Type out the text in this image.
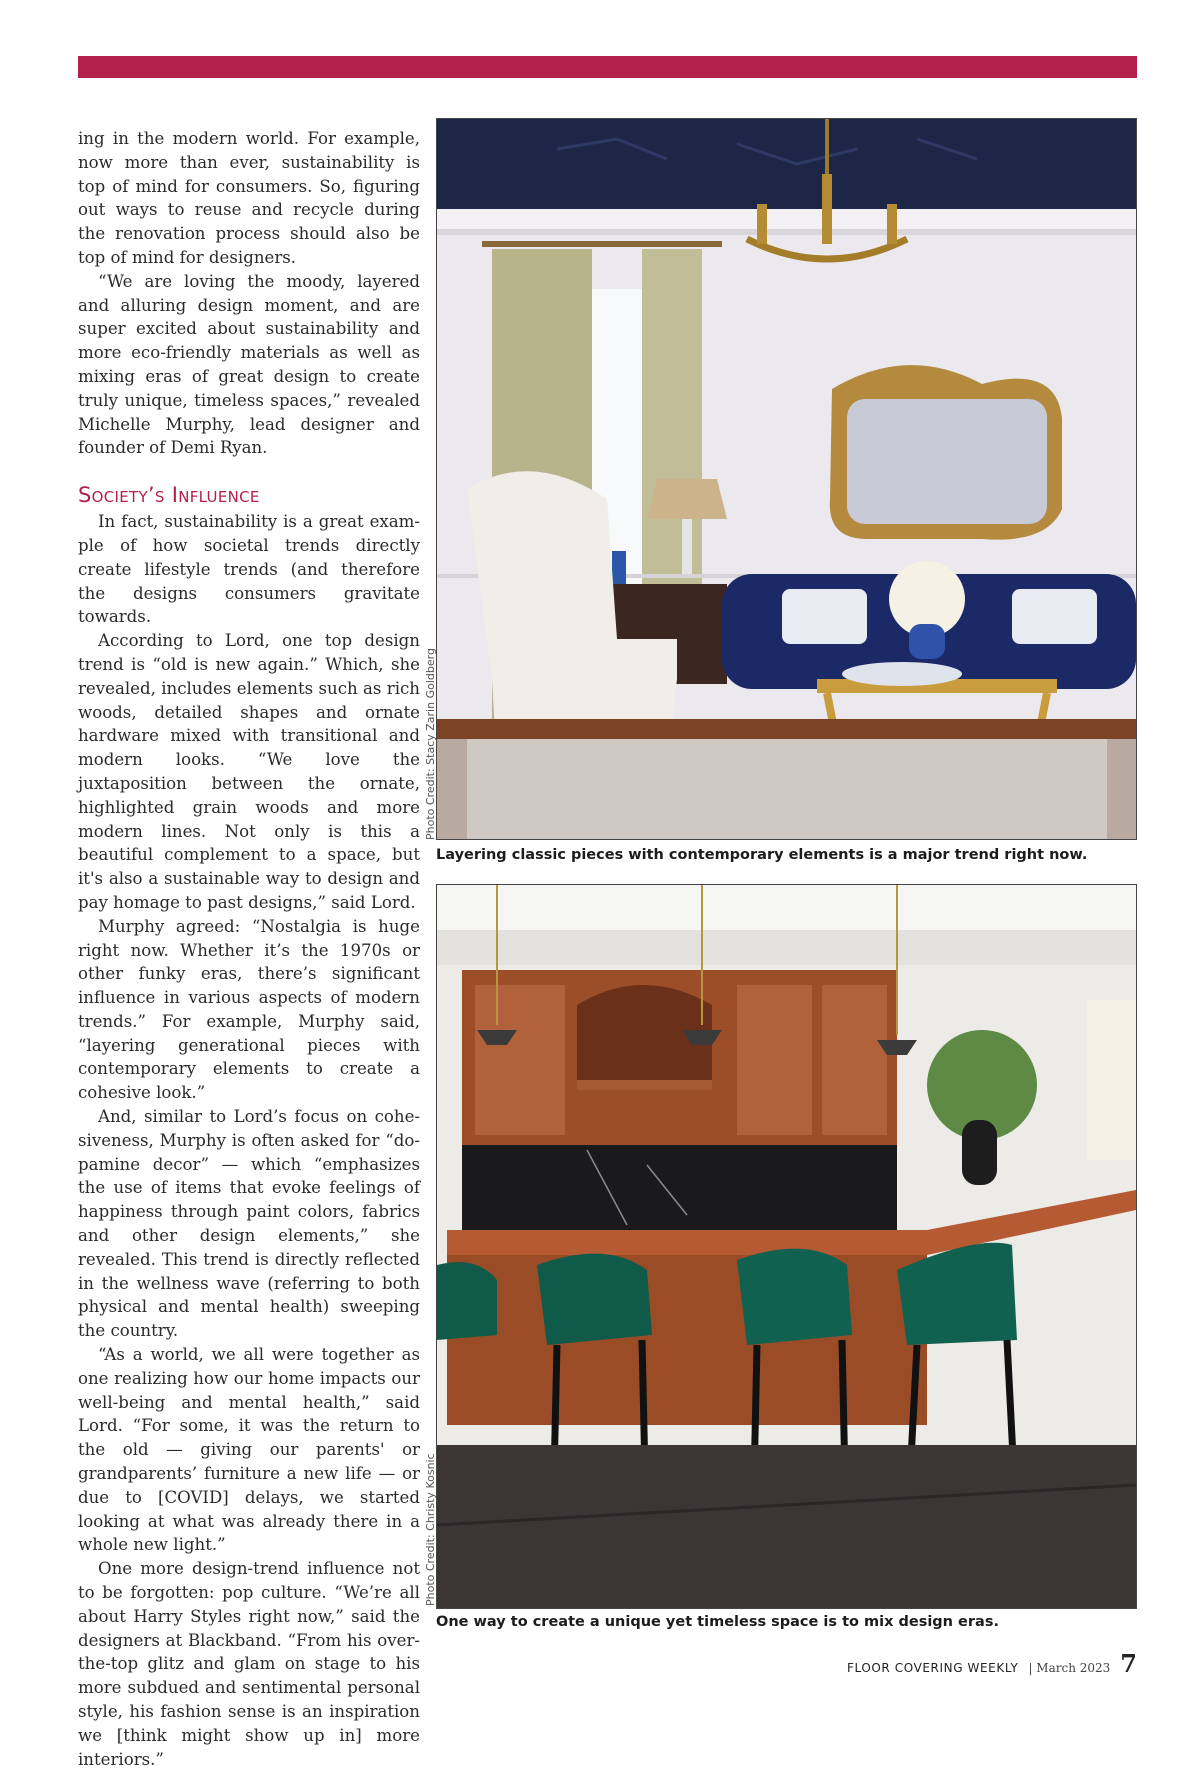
ing in the modern world. For example, now more than ever, sustainability is top of mind for consumers. So, figuring out ways to reuse and recycle during the renovation process should also be top of mind for designers.

“We are loving the moody, layered and alluring design moment, and are super excited about sustainability and more eco-friendly materials as well as mixing eras of great design to create truly unique, timeless spaces,” revealed Michelle Murphy, lead designer and founder of Demi Ryan.

Society’s Influence

In fact, sustainability is a great example of how societal trends directly create lifestyle trends (and therefore the designs consumers gravitate towards.

According to Lord, one top design trend is “old is new again.” Which, she revealed, includes elements such as rich woods, detailed shapes and ornate hardware mixed with transitional and modern looks. “We love the juxtaposition between the ornate, highlighted grain woods and more modern lines. Not only is this a beautiful complement to a space, but it's also a sustainable way to design and pay homage to past designs,” said Lord.

Murphy agreed: “Nostalgia is huge right now. Whether it’s the 1970s or other funky eras, there’s significant influence in various aspects of modern trends.” For example, Murphy said, “layering generational pieces with contemporary elements to create a cohesive look.”

And, similar to Lord’s focus on cohesiveness, Murphy is often asked for “dopamine decor” — which “emphasizes the use of items that evoke feelings of happiness through paint colors, fabrics and other design elements,” she revealed. This trend is directly reflected in the wellness wave (referring to both physical and mental health) sweeping the country.

“As a world, we all were together as one realizing how our home impacts our well-being and mental health,” said Lord. “For some, it was the return to the old — giving our parents' or grandparents’ furniture a new life — or due to [COVID] delays, we started looking at what was already there in a whole new light.”

One more design-trend influence not to be forgotten: pop culture. “We’re all about Harry Styles right now,” said the designers at Blackband. “From his over-the-top glitz and glam on stage to his more subdued and sentimental personal style, his fashion sense is an inspiration we [think might show up in] more interiors.”

Photo Credit: Stacy Zarin Goldberg
Layering classic pieces with contemporary elements is a major trend right now.
Photo Credit: Christy Kosnic
One way to create a unique yet timeless space is to mix design eras.
FLOOR COVERING WEEKLY | March 2023 7
